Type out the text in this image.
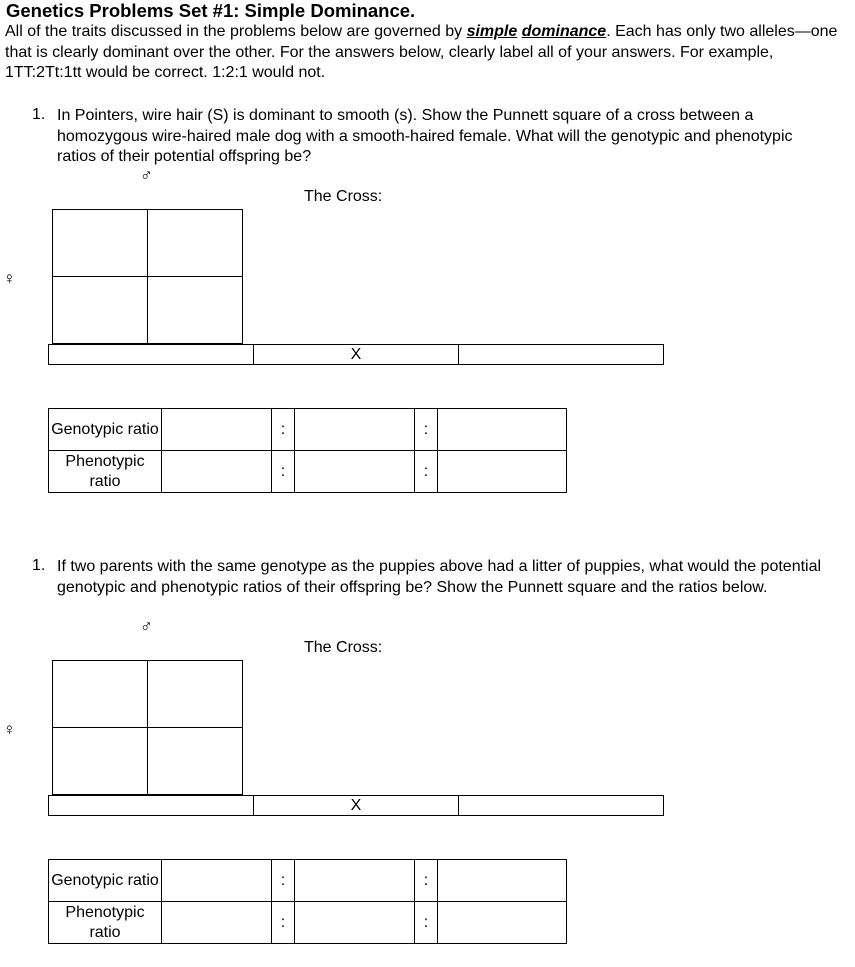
Genetics Problems Set #1: Simple Dominance.
All of the traits discussed in the problems below are governed by simple dominance. Each has only two alleles—one that is clearly dominant over the other. For the answers below, clearly label all of your answers. For example, 1TT:2Tt:1tt would be correct. 1:2:1 would not.
1. In Pointers, wire hair (S) is dominant to smooth (s). Show the Punnett square of a cross between a homozygous wire-haired male dog with a smooth-haired female. What will the genotypic and phenotypic ratios of their potential offspring be?
♂
♀
The Cross:

X
Genotypic ratio		:		:	
Phenotypic ratio		:		:	
1. If two parents with the same genotype as the puppies above had a litter of puppies, what would the potential genotypic and phenotypic ratios of their offspring be? Show the Punnett square and the ratios below.
♂
♀
The Cross:

X
Genotypic ratio		:		:	
Phenotypic ratio		:		:	
